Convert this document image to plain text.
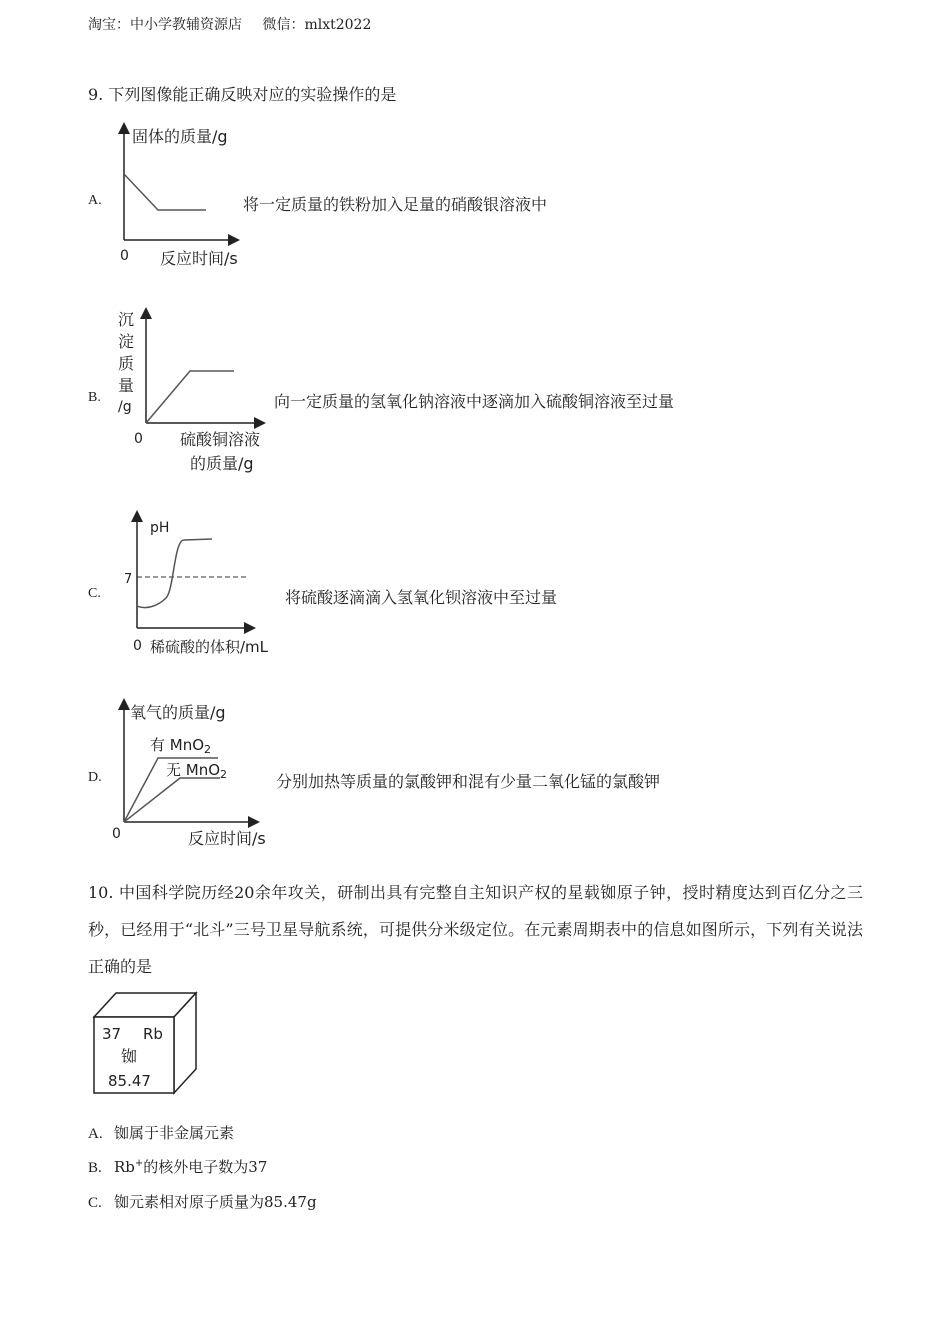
淘宝：中小学教辅资源店 微信：mlxt2022
9. 下列图像能正确反映对应的实验操作的是
A.
固体的质量/g
0 反应时间/s
将一定质量的铁粉加入足量的硝酸银溶液中
B.
沉
淀
质
量
/g
0 硫酸铜溶液
的质量/g
向一定质量的氢氧化钠溶液中逐滴加入硫酸铜溶液至过量
C.
pH
7
0 稀硫酸的体积/mL
将硫酸逐滴滴入氢氧化钡溶液中至过量
D.
氧气的质量/g
有 MnO$_2$
无 MnO$_2$
0	反应时间/s
分别加热等质量的氯酸钾和混有少量二氧化锰的氯酸钾
10. 中国科学院历经20余年攻关，研制出具有完整自主知识产权的星载铷原子钟，授时精度达到百亿分之三秒，已经用于“北斗”三号卫星导航系统，可提供分米级定位。在元素周期表中的信息如图所示，下列有关说法正确的是
37 Rb
铷
85.47
A. 铷属于非金属元素
B. Rb+的核外电子数为37
C. 铷元素相对原子质量为85.47g
